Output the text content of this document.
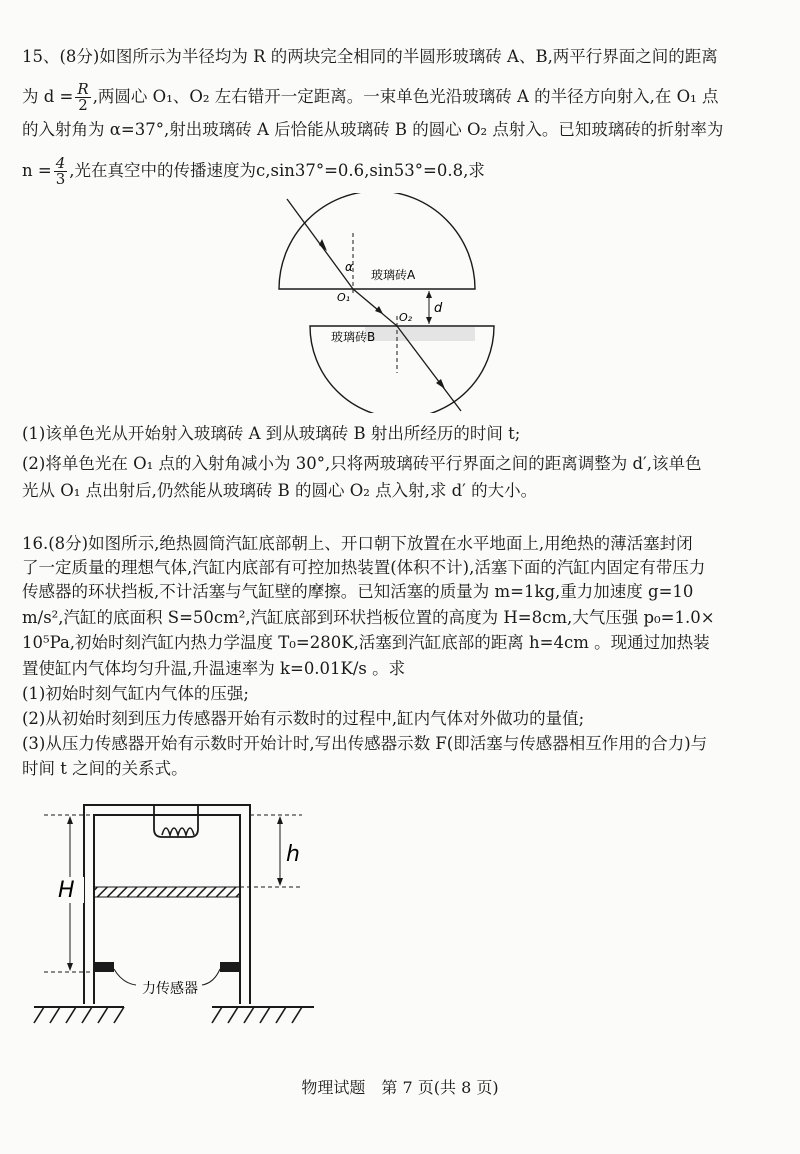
15、(8分)如图所示为半径均为 R 的两块完全相同的半圆形玻璃砖 A、B,两平行界面之间的距离
为 $d = \frac{R}{2}$ ,两圆心 O₁、O₂ 左右错开一定距离。一束单色光沿玻璃砖 A 的半径方向射入,在 O₁ 点
的入射角为 α=37°,射出玻璃砖 A 后恰能从玻璃砖 B 的圆心 O₂ 点射入。已知玻璃砖的折射率为
$n = \frac{4}{3}$ ,光在真空中的传播速度为c,sin37°=0.6,sin53°=0.8,求
α
玻璃砖A
O₁
O₂
d
玻璃砖B
(1)该单色光从开始射入玻璃砖 A 到从玻璃砖 B 射出所经历的时间 t;
(2)将单色光在 O₁ 点的入射角减小为 30°,只将两玻璃砖平行界面之间的距离调整为 d′,该单色
光从 O₁ 点出射后,仍然能从玻璃砖 B 的圆心 O₂ 点入射,求 d′ 的大小。
16.(8分)如图所示,绝热圆筒汽缸底部朝上、开口朝下放置在水平地面上,用绝热的薄活塞封闭
了一定质量的理想气体,汽缸内底部有可控加热装置(体积不计),活塞下面的汽缸内固定有带压力
传感器的环状挡板,不计活塞与气缸壁的摩擦。已知活塞的质量为 m=1kg,重力加速度 g=10
m/s²,汽缸的底面积 S=50cm²,汽缸底部到环状挡板位置的高度为 H=8cm,大气压强 p₀=1.0×
10⁵Pa,初始时刻汽缸内热力学温度 T₀=280K,活塞到汽缸底部的距离 h=4cm 。现通过加热装
置使缸内气体均匀升温,升温速率为 k=0.01K/s 。求
(1)初始时刻气缸内气体的压强;
(2)从初始时刻到压力传感器开始有示数时的过程中,缸内气体对外做功的量值;
(3)从压力传感器开始有示数时开始计时,写出传感器示数 F(即活塞与传感器相互作用的合力)与
时间 t 之间的关系式。
力传感器
H
h
物理试题　第 7 页(共 8 页)
